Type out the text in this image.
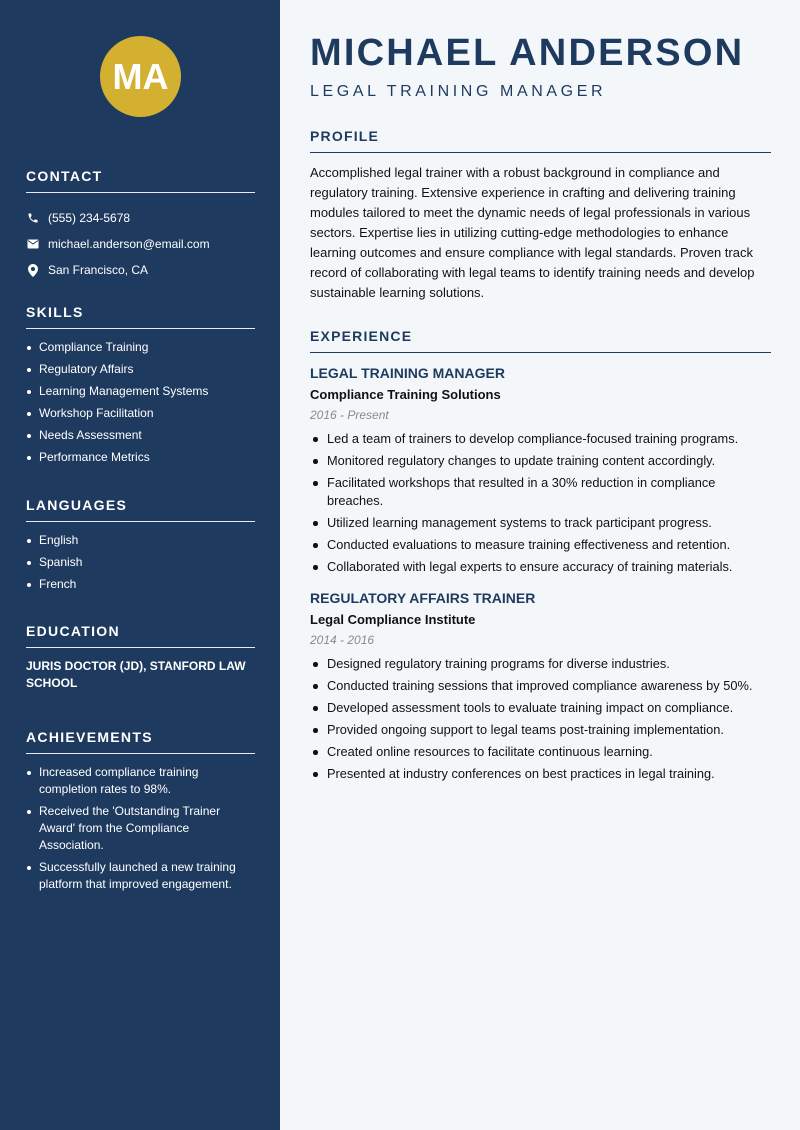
MA
CONTACT
(555) 234-5678
michael.anderson@email.com
San Francisco, CA
SKILLS
Compliance Training
Regulatory Affairs
Learning Management Systems
Workshop Facilitation
Needs Assessment
Performance Metrics
LANGUAGES
English
Spanish
French
EDUCATION
JURIS DOCTOR (JD), STANFORD LAW SCHOOL
ACHIEVEMENTS
Increased compliance training completion rates to 98%.
Received the 'Outstanding Trainer Award' from the Compliance Association.
Successfully launched a new training platform that improved engagement.
MICHAEL ANDERSON
LEGAL TRAINING MANAGER
PROFILE

Accomplished legal trainer with a robust background in compliance and regulatory training. Extensive experience in crafting and delivering training modules tailored to meet the dynamic needs of legal professionals in various sectors. Expertise lies in utilizing cutting-edge methodologies to enhance learning outcomes and ensure compliance with legal standards. Proven track record of collaborating with legal teams to identify training needs and develop sustainable learning solutions.

EXPERIENCE
LEGAL TRAINING MANAGER
Compliance Training Solutions
2016 - Present
Led a team of trainers to develop compliance-focused training programs.
Monitored regulatory changes to update training content accordingly.
Facilitated workshops that resulted in a 30% reduction in compliance breaches.
Utilized learning management systems to track participant progress.
Conducted evaluations to measure training effectiveness and retention.
Collaborated with legal experts to ensure accuracy of training materials.
REGULATORY AFFAIRS TRAINER
Legal Compliance Institute
2014 - 2016
Designed regulatory training programs for diverse industries.
Conducted training sessions that improved compliance awareness by 50%.
Developed assessment tools to evaluate training impact on compliance.
Provided ongoing support to legal teams post-training implementation.
Created online resources to facilitate continuous learning.
Presented at industry conferences on best practices in legal training.
